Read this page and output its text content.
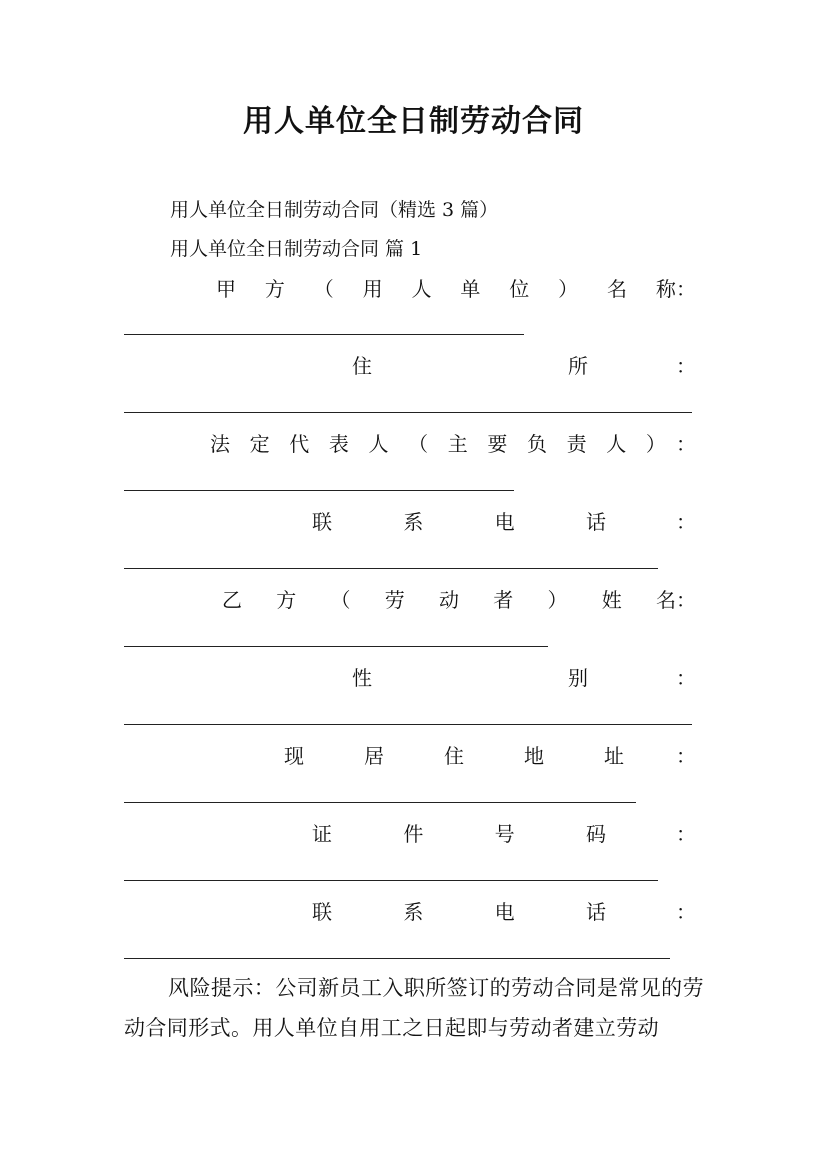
用人单位全日制劳动合同
用人单位全日制劳动合同（精选 3 篇）
用人单位全日制劳动合同 篇 1
甲 方 （ 用 人 单 位 ） 名 称 ：
住	所	：
法 定 代 表 人 （ 主 要 负 责 人 ） ：
联	系	电	话	：
乙 方 （ 劳 动 者 ） 姓 名 ：
性	别	：
现	居	住	地	址	：
证	件	号	码	：
联	系	电	话	：
风险提示：公司新员工入职所签订的劳动合同是常见的劳动合同形式。用人单位自用工之日起即与劳动者建立劳动
